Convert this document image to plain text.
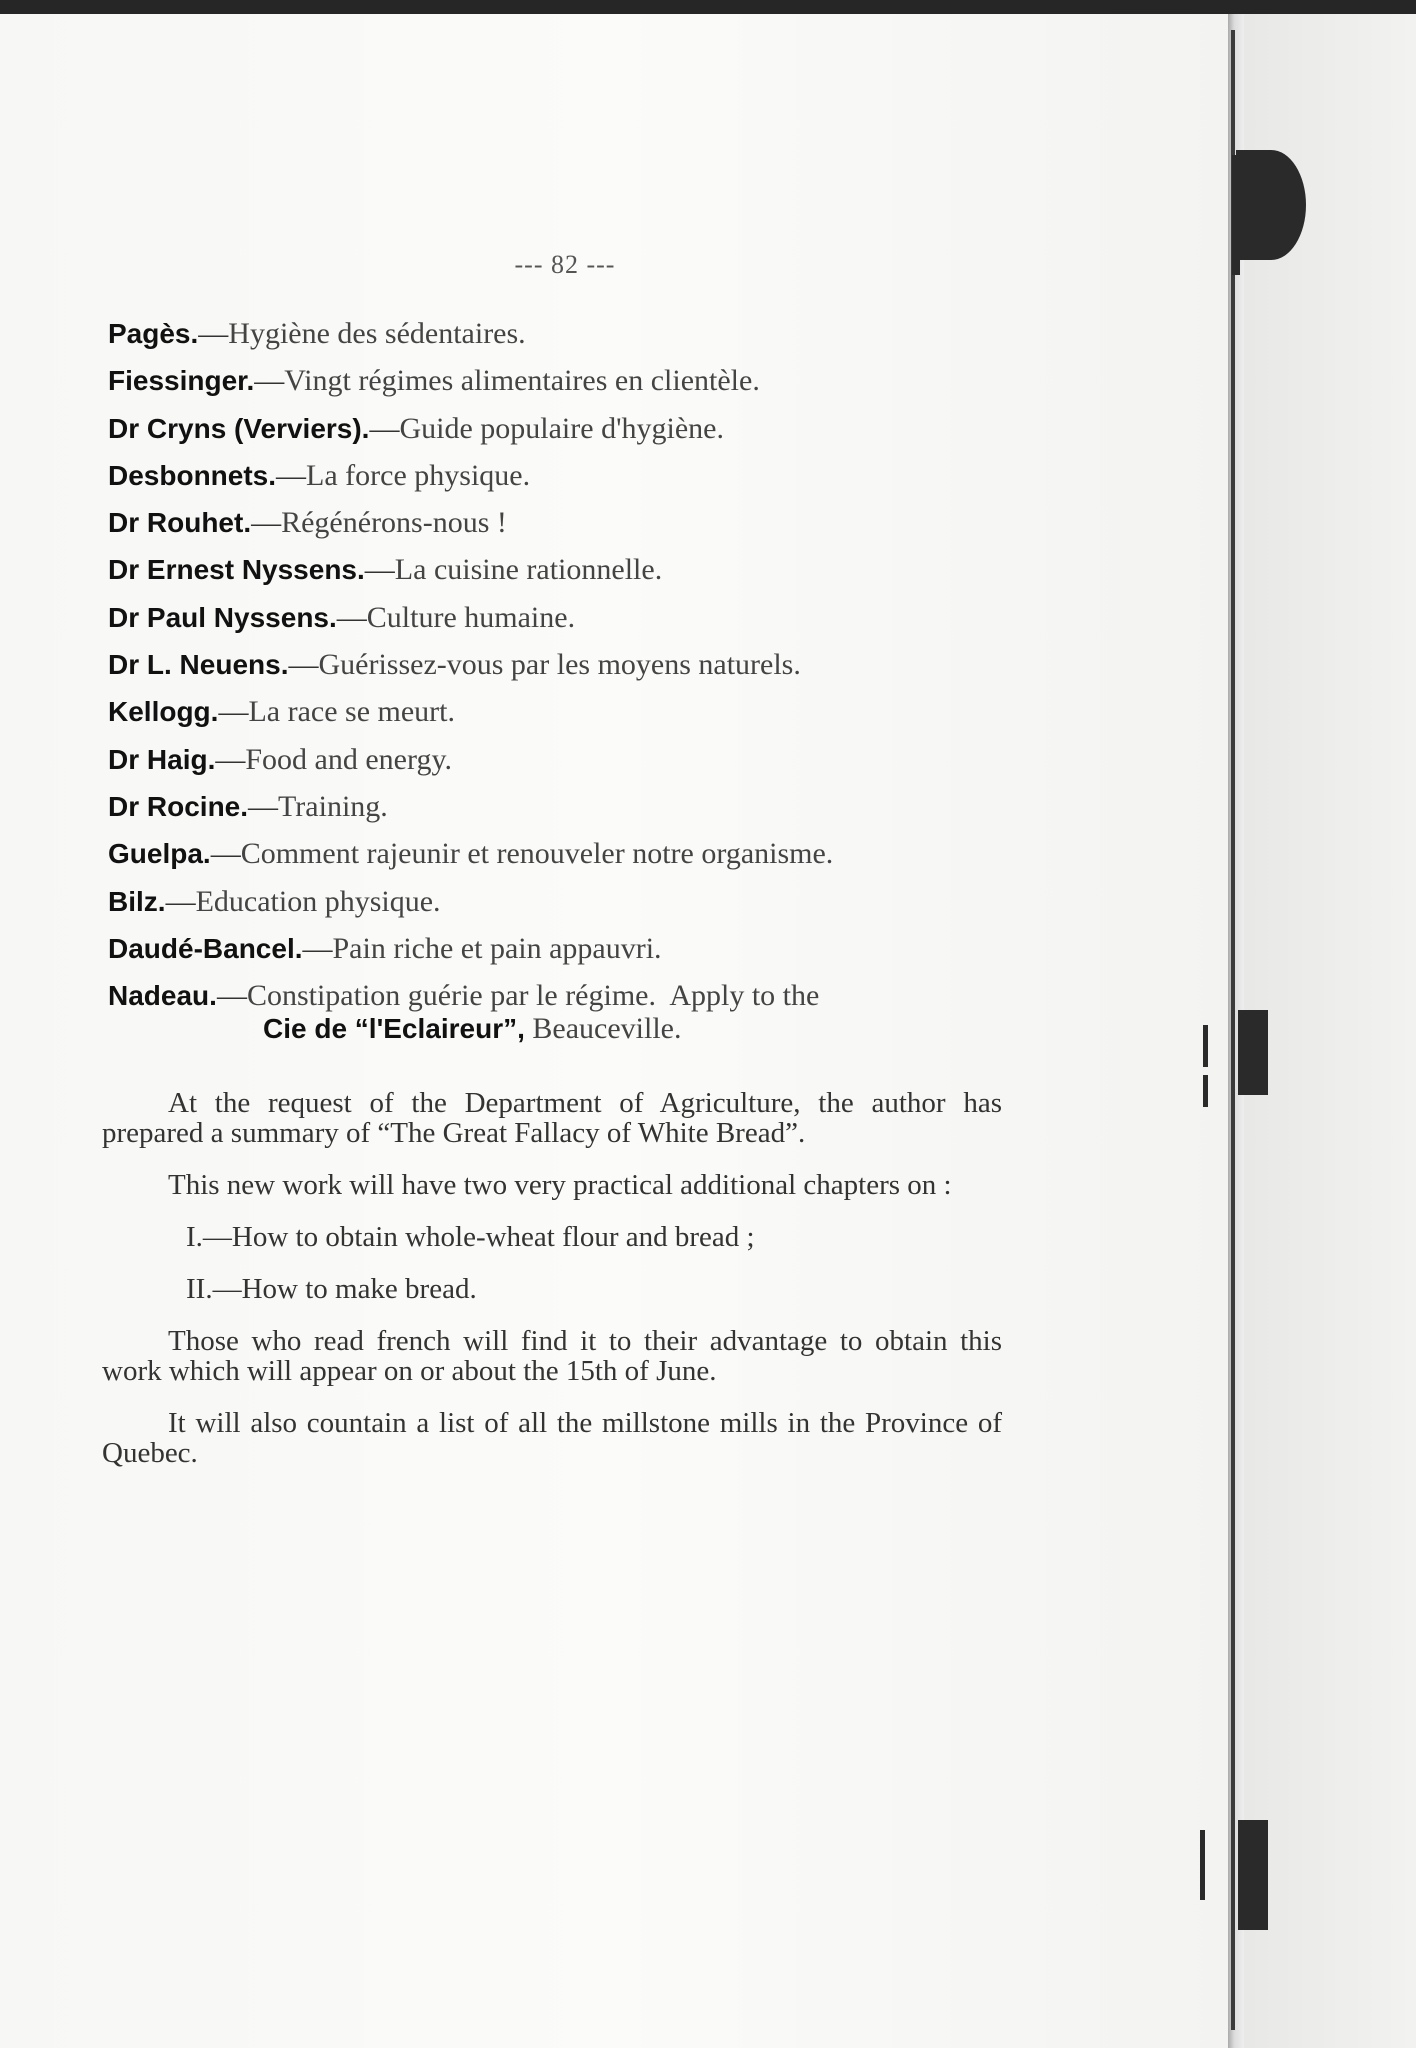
--- 82 ---
Pagès.—Hygiène des sédentaires.
Fiessinger.—Vingt régimes alimentaires en clientèle.
Dr Cryns (Verviers).—Guide populaire d'hygiène.
Desbonnets.—La force physique.
Dr Rouhet.—Régénérons-nous !
Dr Ernest Nyssens.—La cuisine rationnelle.
Dr Paul Nyssens.—Culture humaine.
Dr L. Neuens.—Guérissez-vous par les moyens naturels.
Kellogg.—La race se meurt.
Dr Haig.—Food and energy.
Dr Rocine.—Training.
Guelpa.—Comment rajeunir et renouveler notre organisme.
Bilz.—Education physique.
Daudé-Bancel.—Pain riche et pain appauvri.
Nadeau.—Constipation guérie par le régime. Apply to the
Cie de “l'Eclaireur”, Beauceville.

At the request of the Department of Agriculture, the author has prepared a summary of “The Great Fallacy of White Bread”.

This new work will have two very practical additional chapters on :

I.—How to obtain whole-wheat flour and bread ;

II.—How to make bread.

Those who read french will find it to their advantage to obtain this work which will appear on or about the 15th of June.

It will also countain a list of all the millstone mills in the Province of Quebec.
